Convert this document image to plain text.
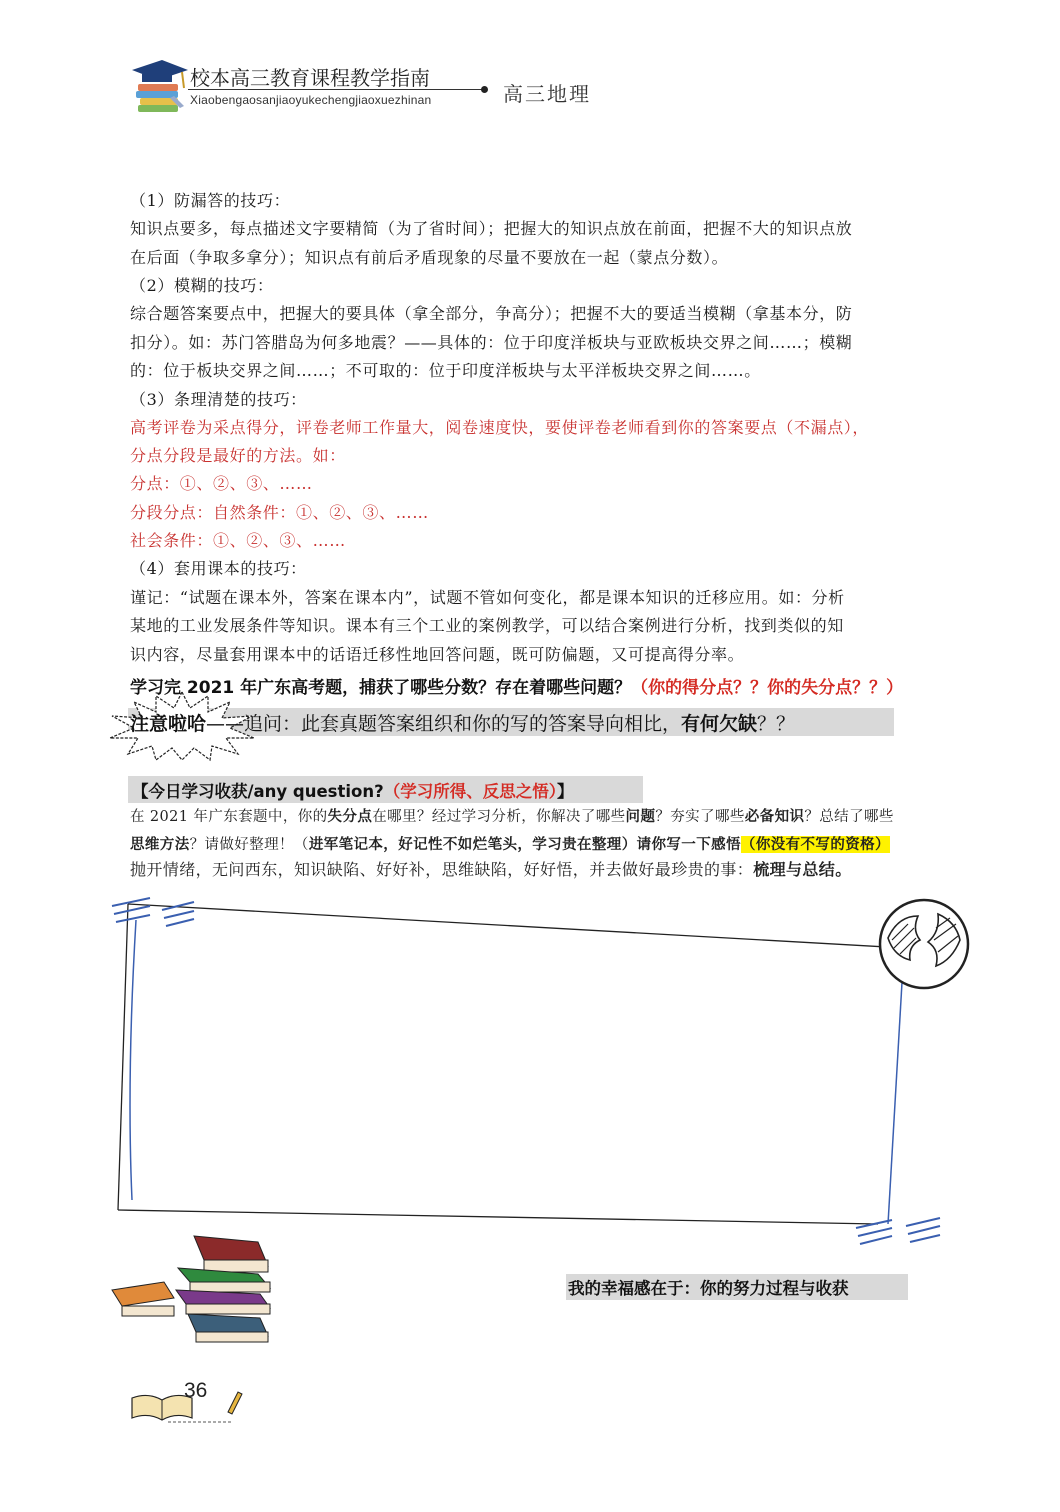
校本高三教育课程教学指南
Xiaobengaosanjiaoyukechengjiaoxuezhinan	高三地理
（1）防漏答的技巧：
知识点要多，每点描述文字要精简（为了省时间）；把握大的知识点放在前面，把握不大的知识点放
在后面（争取多拿分）；知识点有前后矛盾现象的尽量不要放在一起（蒙点分数）。
（2）模糊的技巧：
综合题答案要点中，把握大的要具体（拿全部分，争高分）；把握不大的要适当模糊（拿基本分，防
扣分）。如：苏门答腊岛为何多地震？——具体的：位于印度洋板块与亚欧板块交界之间……；模糊
的：位于板块交界之间……；不可取的：位于印度洋板块与太平洋板块交界之间……。
（3）条理清楚的技巧：
高考评卷为采点得分，评卷老师工作量大，阅卷速度快，要使评卷老师看到你的答案要点（不漏点），
分点分段是最好的方法。如：
分点：①、②、③、……
分段分点：自然条件：①、②、③、……
社会条件：①、②、③、……
（4）套用课本的技巧：
谨记：“试题在课本外，答案在课本内”，试题不管如何变化，都是课本知识的迁移应用。如：分析
某地的工业发展条件等知识。课本有三个工业的案例教学，可以结合案例进行分析，找到类似的知
识内容，尽量套用课本中的话语迁移性地回答问题，既可防偏题，又可提高得分率。
学习完 2021 年广东高考题，捕获了哪些分数？存在着哪些问题？（你的得分点？？你的失分点？？）
注意啦哈——追问：此套真题答案组织和你的写的答案导向相比，有何欠缺？？
【今日学习收获/any question?（学习所得、反思之悟）】
在 2021 年广东套题中，你的失分点在哪里？经过学习分析，你解决了哪些问题？夯实了哪些必备知识？总结了哪些
思维方法？请做好整理！（进军笔记本，好记性不如烂笔头，学习贵在整理）请你写一下感悟（你没有不写的资格）
抛开情绪，无问西东，知识缺陷、好好补，思维缺陷，好好悟，并去做好最珍贵的事：梳理与总结。
我的幸福感在于：你的努力过程与收获
36
